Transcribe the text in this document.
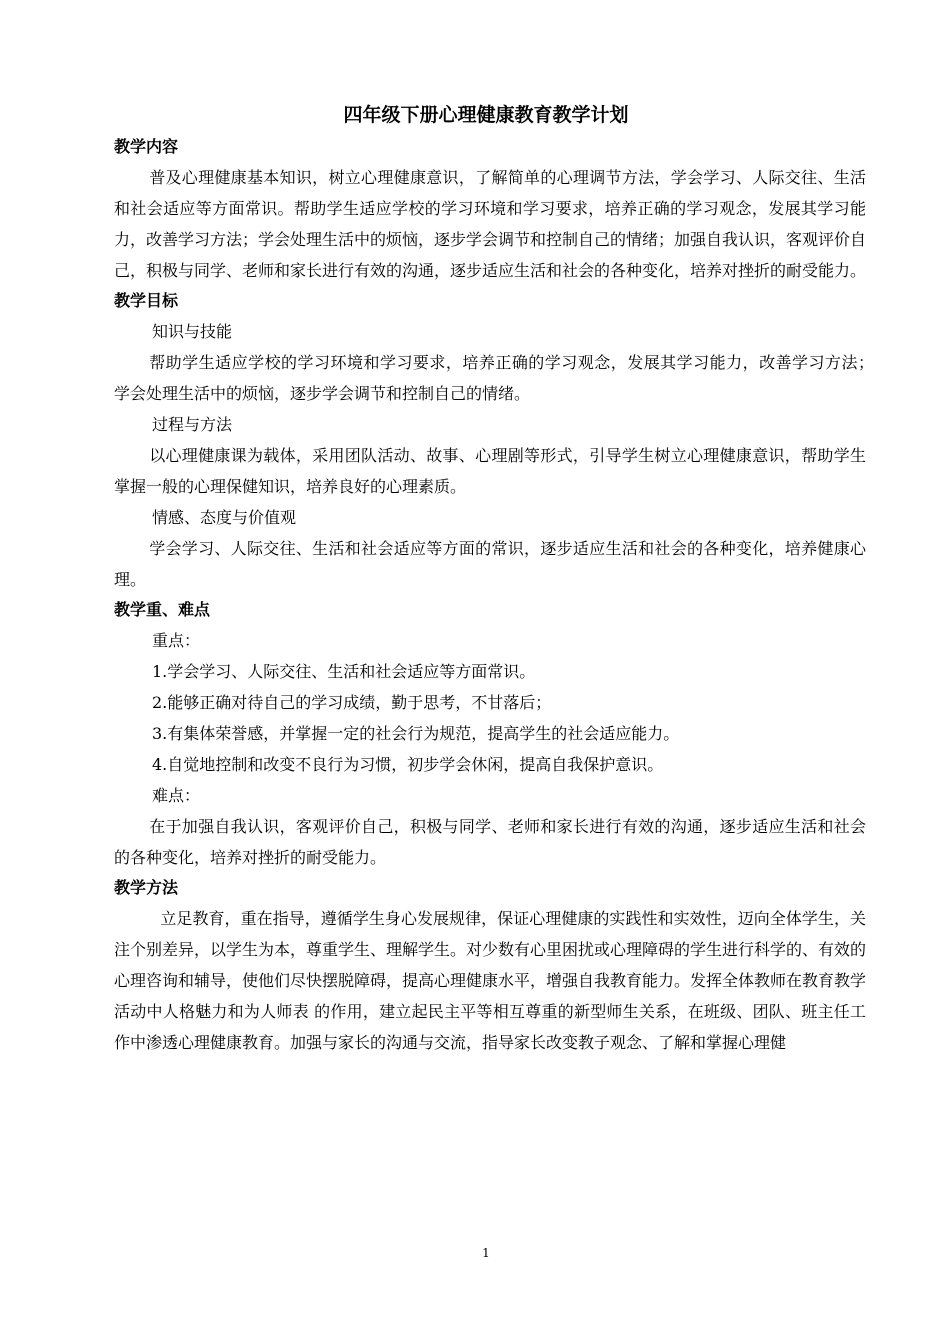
四年级下册心理健康教育教学计划

教学内容

普及心理健康基本知识，树立心理健康意识，了解简单的心理调节方法，学会学习、人际交往、生活和社会适应等方面常识。帮助学生适应学校的学习环境和学习要求，培养正确的学习观念，发展其学习能力，改善学习方法；学会处理生活中的烦恼，逐步学会调节和控制自己的情绪；加强自我认识，客观评价自己，积极与同学、老师和家长进行有效的沟通，逐步适应生活和社会的各种变化，培养对挫折的耐受能力。

教学目标

知识与技能

帮助学生适应学校的学习环境和学习要求，培养正确的学习观念，发展其学习能力，改善学习方法；　学会处理生活中的烦恼，逐步学会调节和控制自己的情绪。

过程与方法

以心理健康课为载体，采用团队活动、故事、心理剧等形式，引导学生树立心理健康意识，帮助学生掌握一般的心理保健知识，培养良好的心理素质。

情感、态度与价值观

学会学习、人际交往、生活和社会适应等方面的常识，逐步适应生活和社会的各种变化，培养健康心理。

教学重、难点

重点：

1.学会学习、人际交往、生活和社会适应等方面常识。

2.能够正确对待自己的学习成绩，勤于思考，不甘落后；

3.有集体荣誉感，并掌握一定的社会行为规范，提高学生的社会适应能力。

4.自觉地控制和改变不良行为习惯，初步学会休闲，提高自我保护意识。

难点：

在于加强自我认识，客观评价自己，积极与同学、老师和家长进行有效的沟通，逐步适应生活和社会的各种变化，培养对挫折的耐受能力。

教学方法

立足教育，重在指导，遵循学生身心发展规律，保证心理健康的实践性和实效性，迈向全体学生，关注个别差异，以学生为本，尊重学生、理解学生。对少数有心里困扰或心理障碍的学生进行科学的、有效的心理咨询和辅导，使他们尽快摆脱障碍，提高心理健康水平，增强自我教育能力。发挥全体教师在教育教学活动中人格魅力和为人师表 的作用，建立起民主平等相互尊重的新型师生关系，在班级、团队、班主任工作中渗透心理健康教育。加强与家长的沟通与交流，指导家长改变教子观念、了解和掌握心理健

1
